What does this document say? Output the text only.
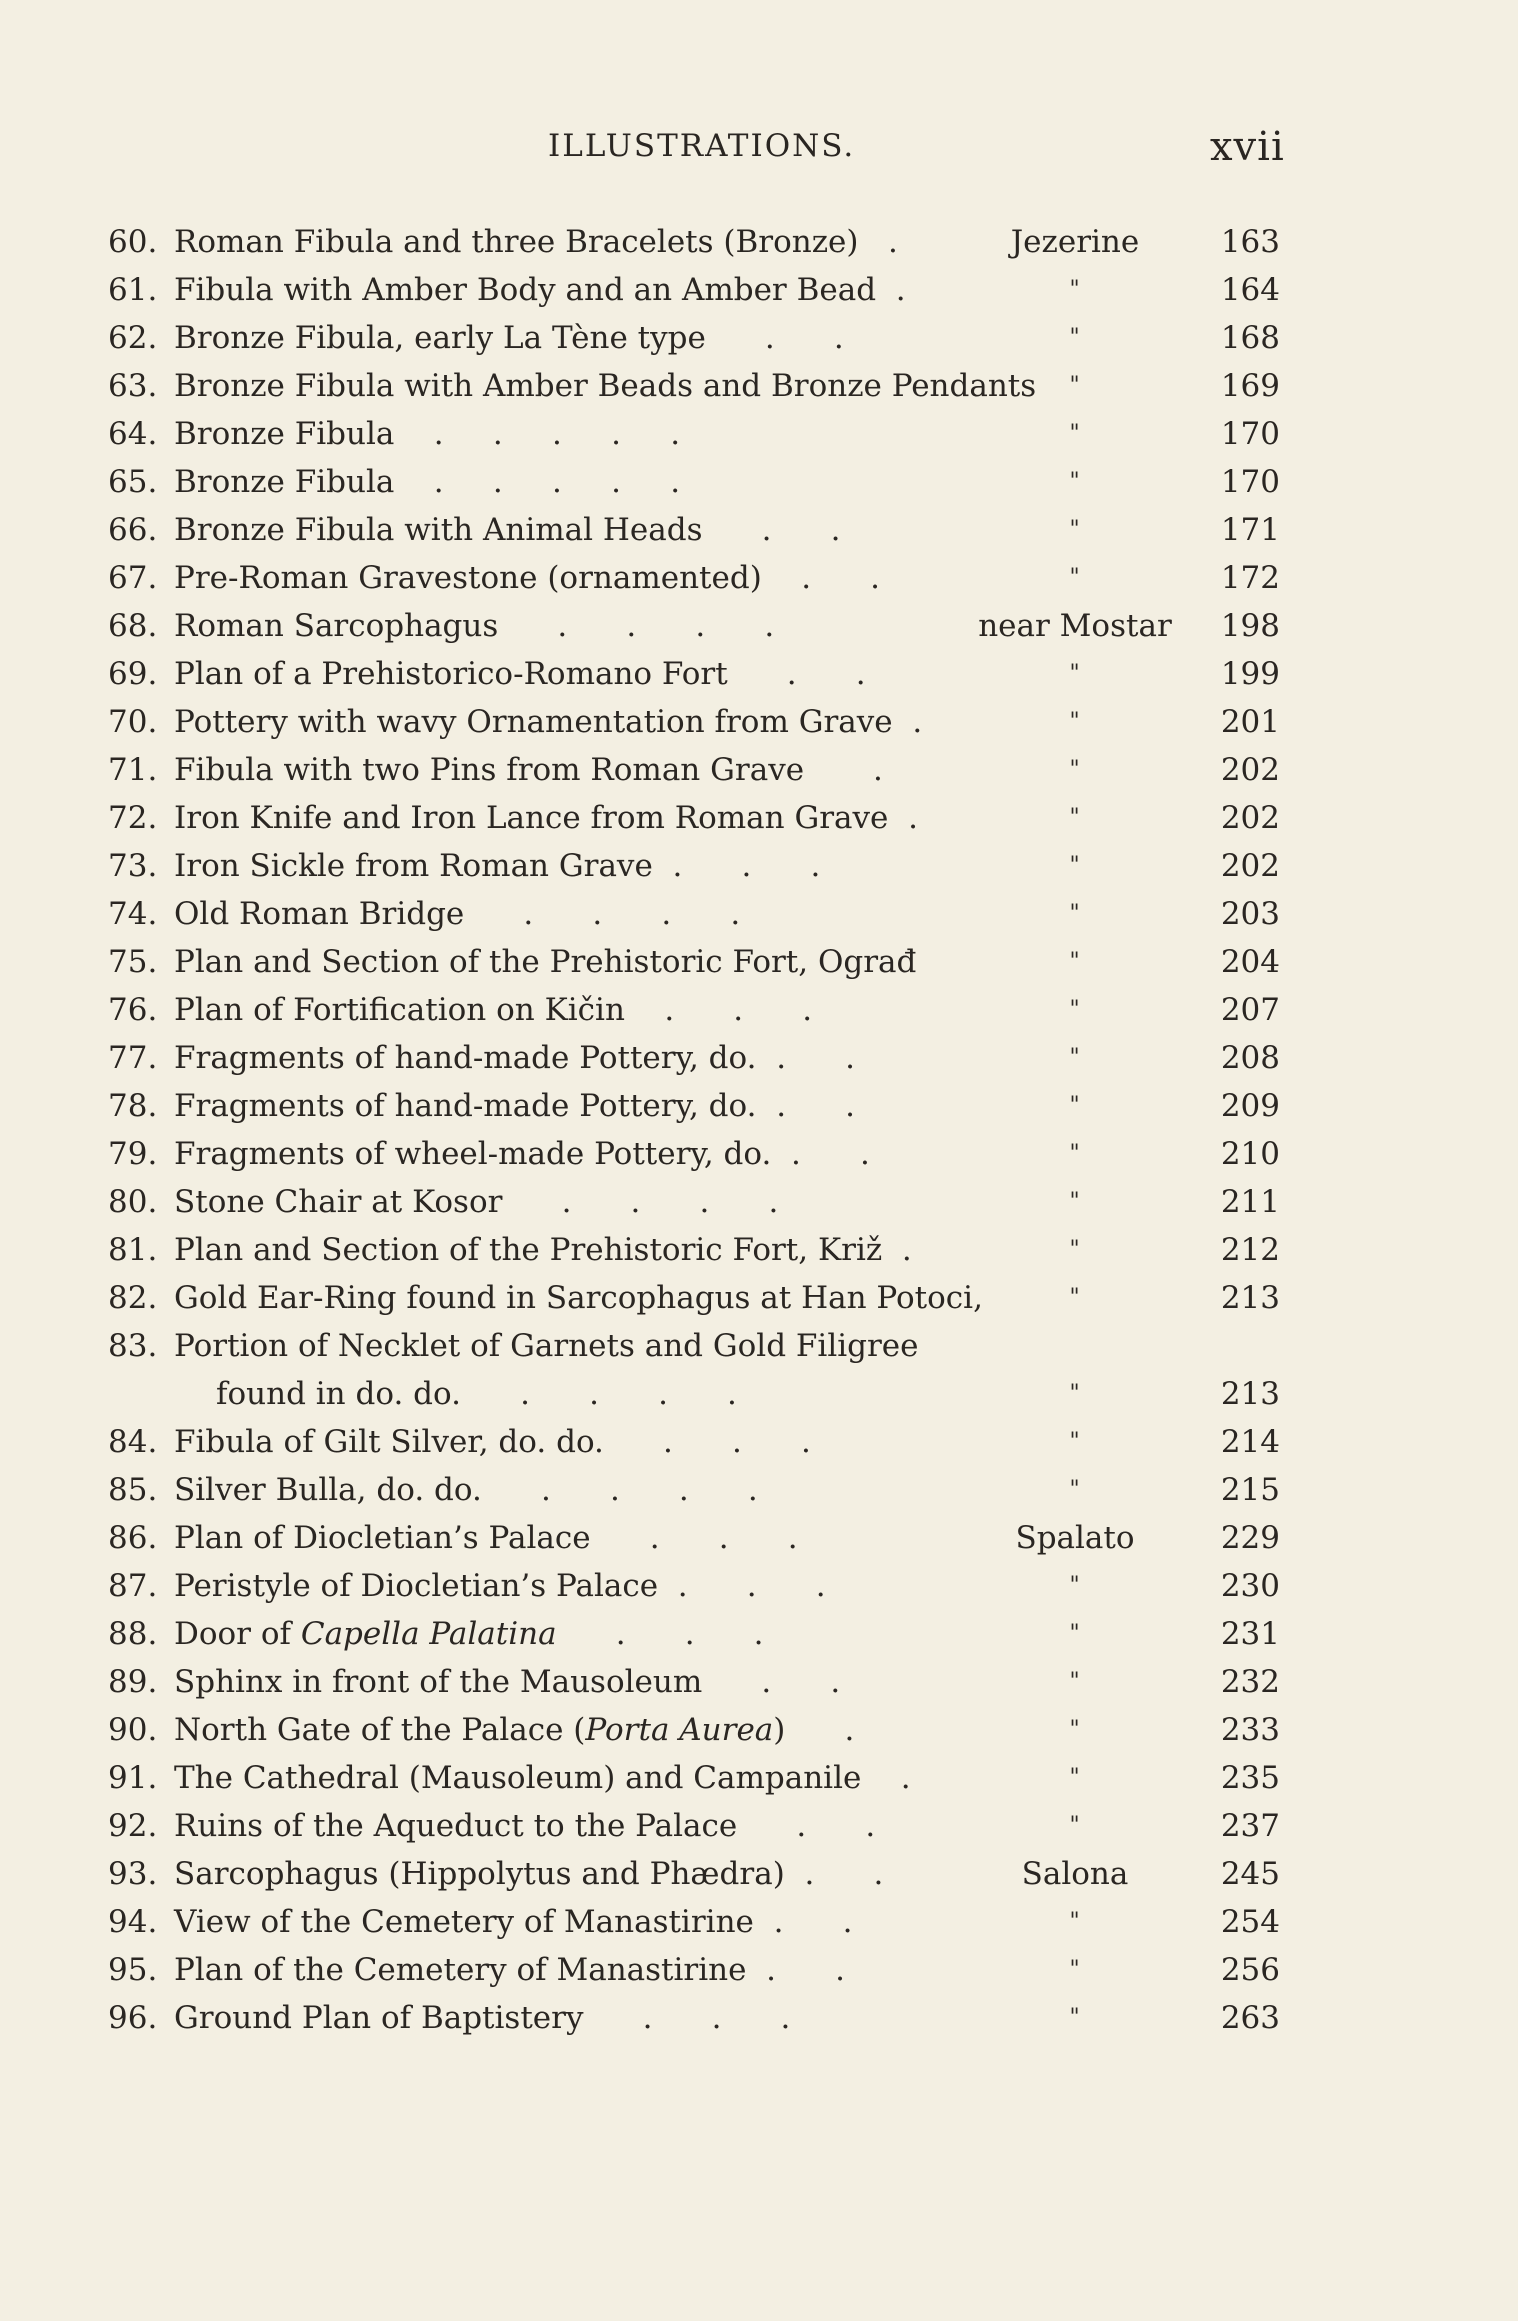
ILLUSTRATIONS.	xvii
60. Roman Fibula and three Bracelets (Bronze)   .	Jezerine	163
61. Fibula with Amber Body and an Amber Bead  .	"	164
62. Bronze Fibula, early La Tène type      .      .	"	168
63. Bronze Fibula with Amber Beads and Bronze Pendants	"	169
64. Bronze Fibula    .     .     .     .     .	"	170
65. Bronze Fibula    .     .     .     .     .	"	170
66. Bronze Fibula with Animal Heads      .      .	"	171
67. Pre-Roman Gravestone (ornamented)    .      .	"	172
68. Roman Sarcophagus      .      .      .      .	near Mostar	198
69. Plan of a Prehistorico-Romano Fort      .      .	"	199
70. Pottery with wavy Ornamentation from Grave  .	"	201
71. Fibula with two Pins from Roman Grave       .	"	202
72. Iron Knife and Iron Lance from Roman Grave  .	"	202
73. Iron Sickle from Roman Grave  .      .      .	"	202
74. Old Roman Bridge      .      .      .      .	"	203
75. Plan and Section of the Prehistoric Fort, Ograđ	"	204
76. Plan of Fortification on Kičin    .      .      .	"	207
77. Fragments of hand-made Pottery, do.  .      .	"	208
78. Fragments of hand-made Pottery, do.  .      .	"	209
79. Fragments of wheel-made Pottery, do.  .      .	"	210
80. Stone Chair at Kosor      .      .      .      .	"	211
81. Plan and Section of the Prehistoric Fort, Križ  .	"	212
82. Gold Ear-Ring found in Sarcophagus at Han Potoci,	"	213
83. Portion of Necklet of Garnets and Gold Filigree
found in do. do.      .      .      .      .	"	213
84. Fibula of Gilt Silver, do. do.      .      .      .	"	214
85. Silver Bulla, do. do.      .      .      .      .	"	215
86. Plan of Diocletian’s Palace      .      .      .	Spalato	229
87. Peristyle of Diocletian’s Palace  .      .      .	"	230
88. Door of Capella Palatina      .      .      .	"	231
89. Sphinx in front of the Mausoleum      .      .	"	232
90. North Gate of the Palace (Porta Aurea)      .	"	233
91. The Cathedral (Mausoleum) and Campanile    .	"	235
92. Ruins of the Aqueduct to the Palace      .      .	"	237
93. Sarcophagus (Hippolytus and Phædra)  .      .	Salona	245
94. View of the Cemetery of Manastirine  .      .	"	254
95. Plan of the Cemetery of Manastirine  .      .	"	256
96. Ground Plan of Baptistery      .      .      .	"	263
